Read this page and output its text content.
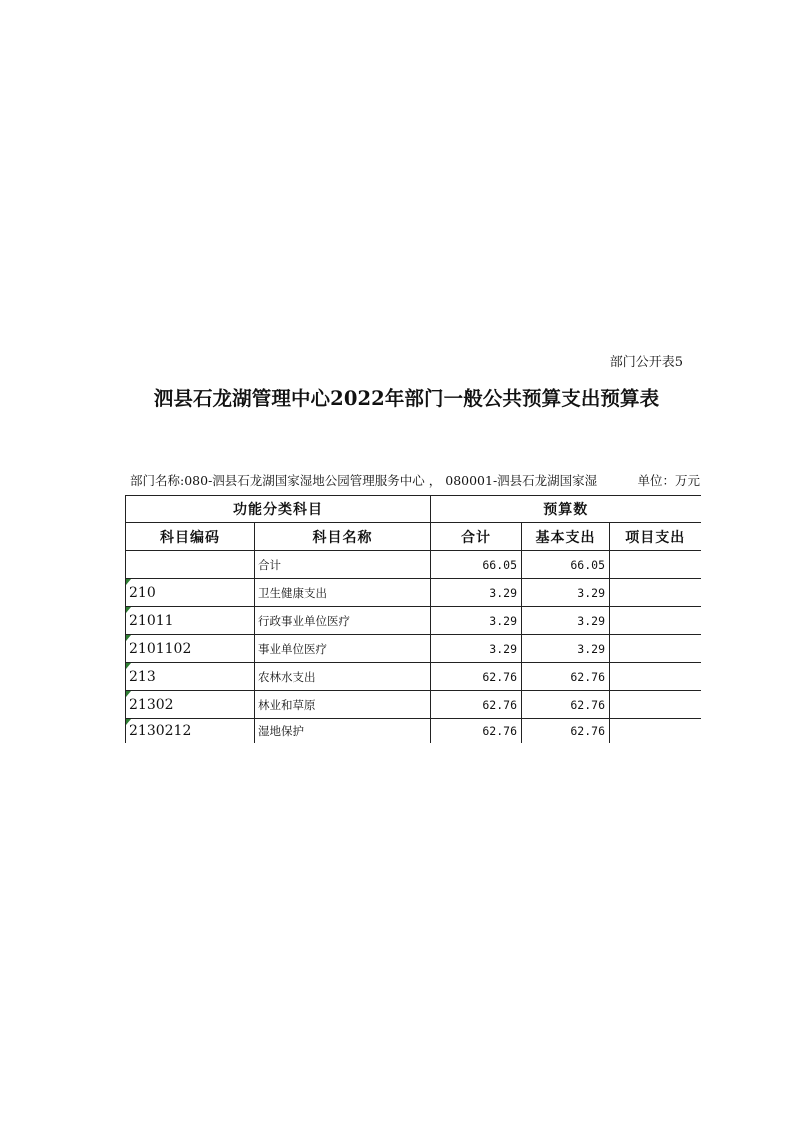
部门公开表5
泗县石龙湖管理中心2022年部门一般公共预算支出预算表
部门名称:080-泗县石龙湖国家湿地公园管理服务中心 ， 080001-泗县石龙湖国家湿	单位：万元
功能分类科目		预算数		
科目编码	科目名称	合计	基本支出	项目支出
	合计	66.05	66.05	

210	卫生健康支出	3.29	3.29	

21011	行政事业单位医疗	3.29	3.29	

2101102	事业单位医疗	3.29	3.29	

213	农林水支出	62.76	62.76	

21302	林业和草原	62.76	62.76	

2130212	湿地保护	62.76	62.76	
